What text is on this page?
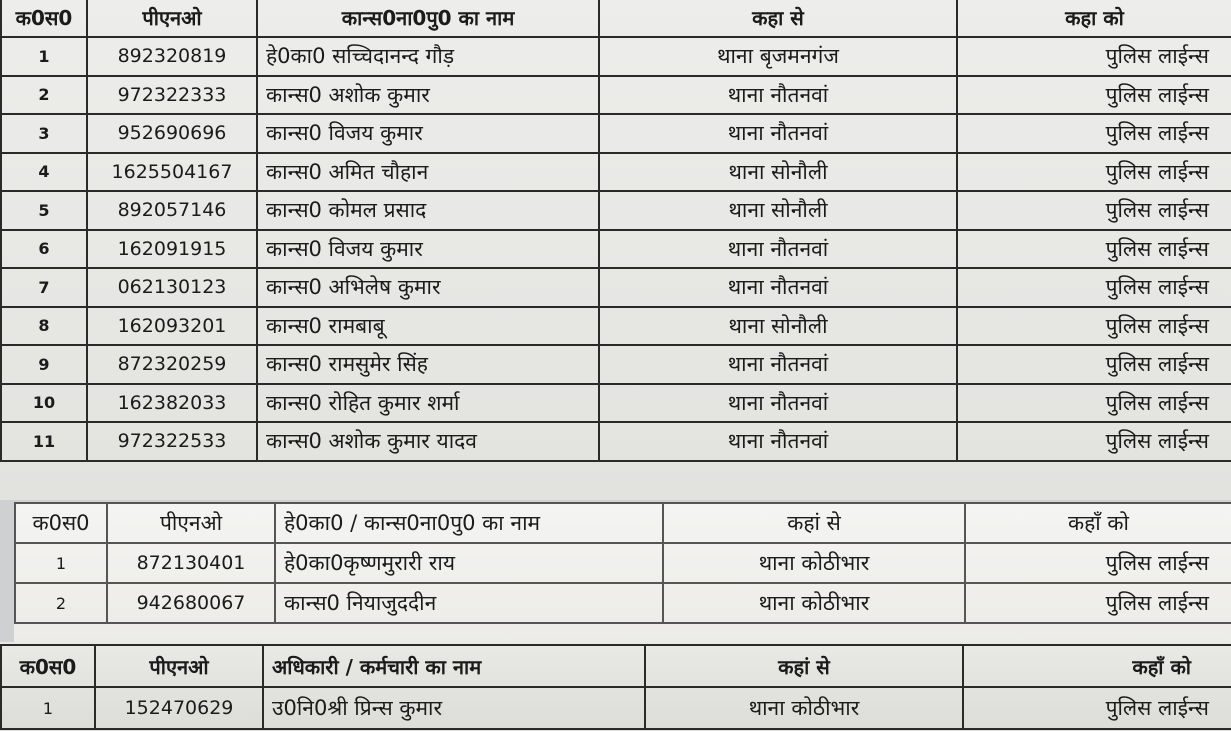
क0स0	पीएनओ	कान्स0ना0पु0 का नाम	कहा से	कहा को
1	892320819	हे0का0 सच्चिदानन्द गौड़	थाना बृजमनगंज	पुलिस लाईन्स
2	972322333	कान्स0 अशोक कुमार	थाना नौतनवां	पुलिस लाईन्स
3	952690696	कान्स0 विजय कुमार	थाना नौतनवां	पुलिस लाईन्स
4	1625504167	कान्स0 अमित चौहान	थाना सोनौली	पुलिस लाईन्स
5	892057146	कान्स0 कोमल प्रसाद	थाना सोनौली	पुलिस लाईन्स
6	162091915	कान्स0 विजय कुमार	थाना नौतनवां	पुलिस लाईन्स
7	062130123	कान्स0 अभिलेष कुमार	थाना नौतनवां	पुलिस लाईन्स
8	162093201	कान्स0 रामबाबू	थाना सोनौली	पुलिस लाईन्स
9	872320259	कान्स0 रामसुमेर सिंह	थाना नौतनवां	पुलिस लाईन्स
10	162382033	कान्स0 रोहित कुमार शर्मा	थाना नौतनवां	पुलिस लाईन्स
11	972322533	कान्स0 अशोक कुमार यादव	थाना नौतनवां	पुलिस लाईन्स
क0स0	पीएनओ	हे0का0 / कान्स0ना0पु0 का नाम	कहां से	कहाँ को
1	872130401	हे0का0कृष्णमुरारी राय	थाना कोठीभार	पुलिस लाईन्स
2	942680067	कान्स0 नियाजुददीन	थाना कोठीभार	पुलिस लाईन्स
क0स0	पीएनओ	अधिकारी / कर्मचारी का नाम	कहां से	कहाँ को
1	152470629	उ0नि0श्री प्रिन्स कुमार	थाना कोठीभार	पुलिस लाईन्स
